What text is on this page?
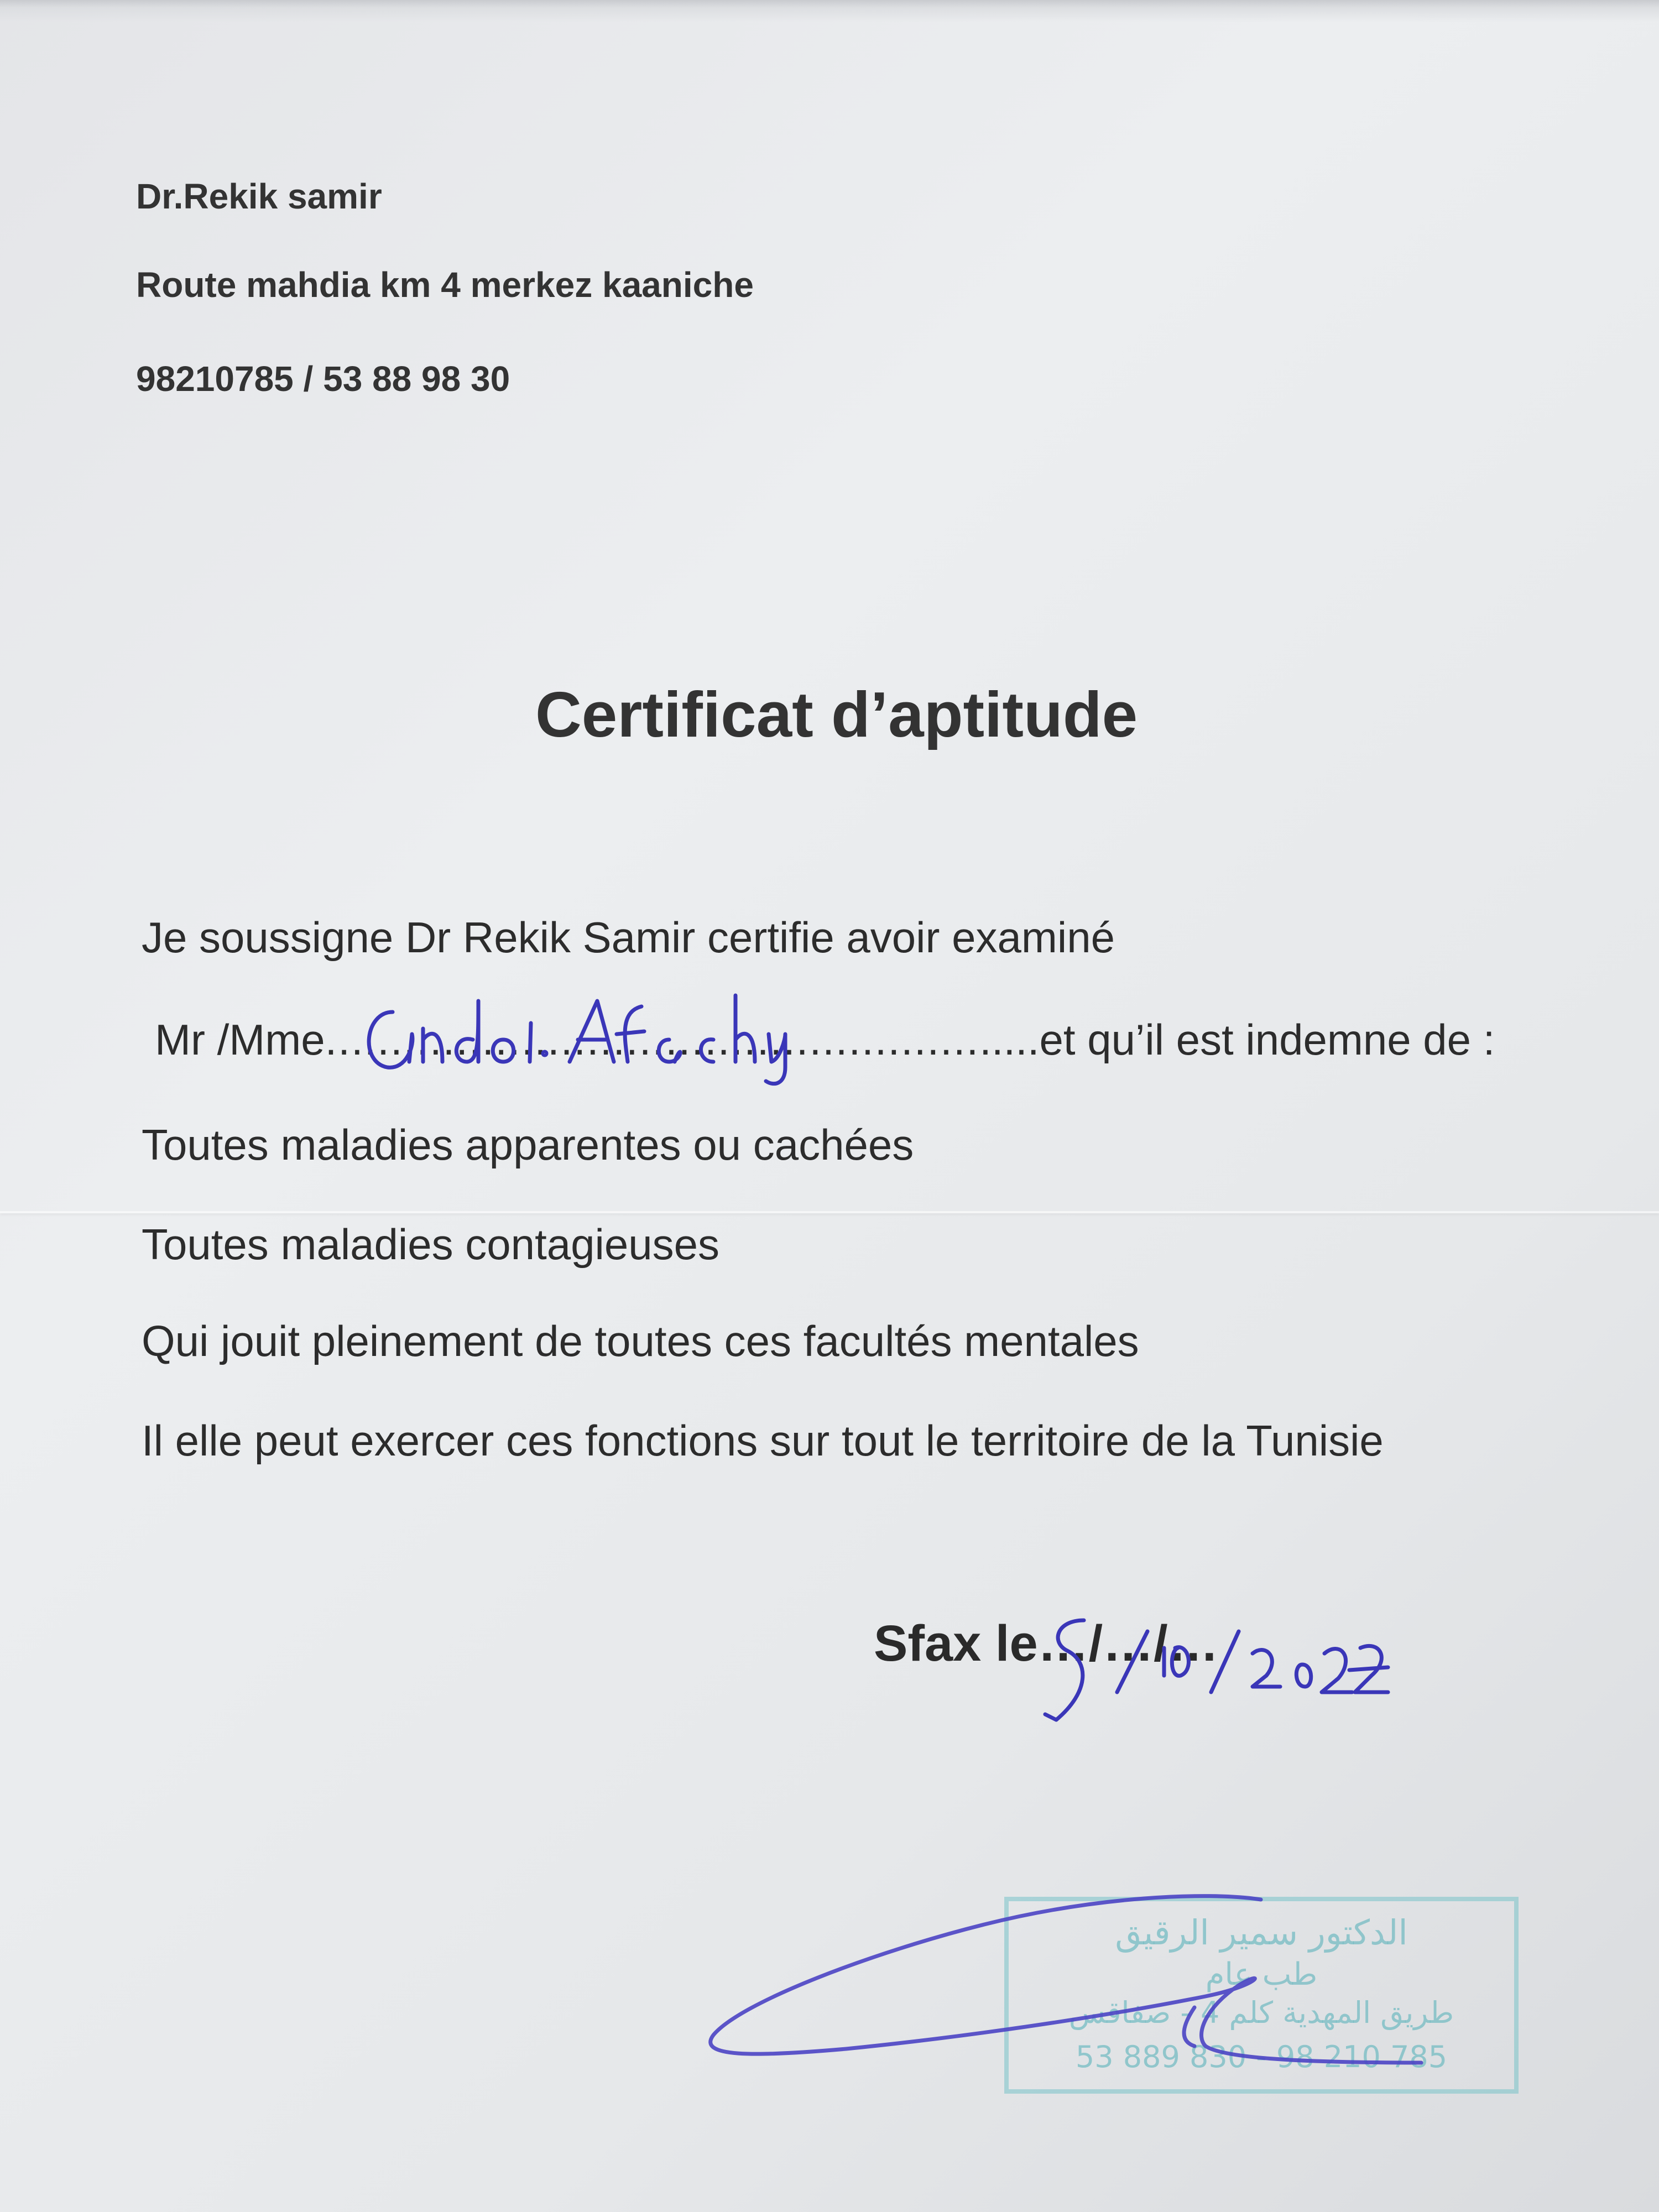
Dr.Rekik samir
Route mahdia km 4 merkez kaaniche
98210785 / 53 88 98 30
Certificat d’aptitude
Je soussigne Dr Rekik Samir certifie avoir examiné
Mr /Mme.......................................................et qu’il est indemne de :
Toutes maladies apparentes ou cachées
Toutes maladies contagieuses
Qui jouit pleinement de toutes ces facultés mentales
Il elle peut exercer ces fonctions sur tout le territoire de la Tunisie
Sfax le…/…/…
الدكتور سمير الرقيق
طب عام
طريق المهدية كلم 4 - صفاقس
53 889 830 - 98 210 785
